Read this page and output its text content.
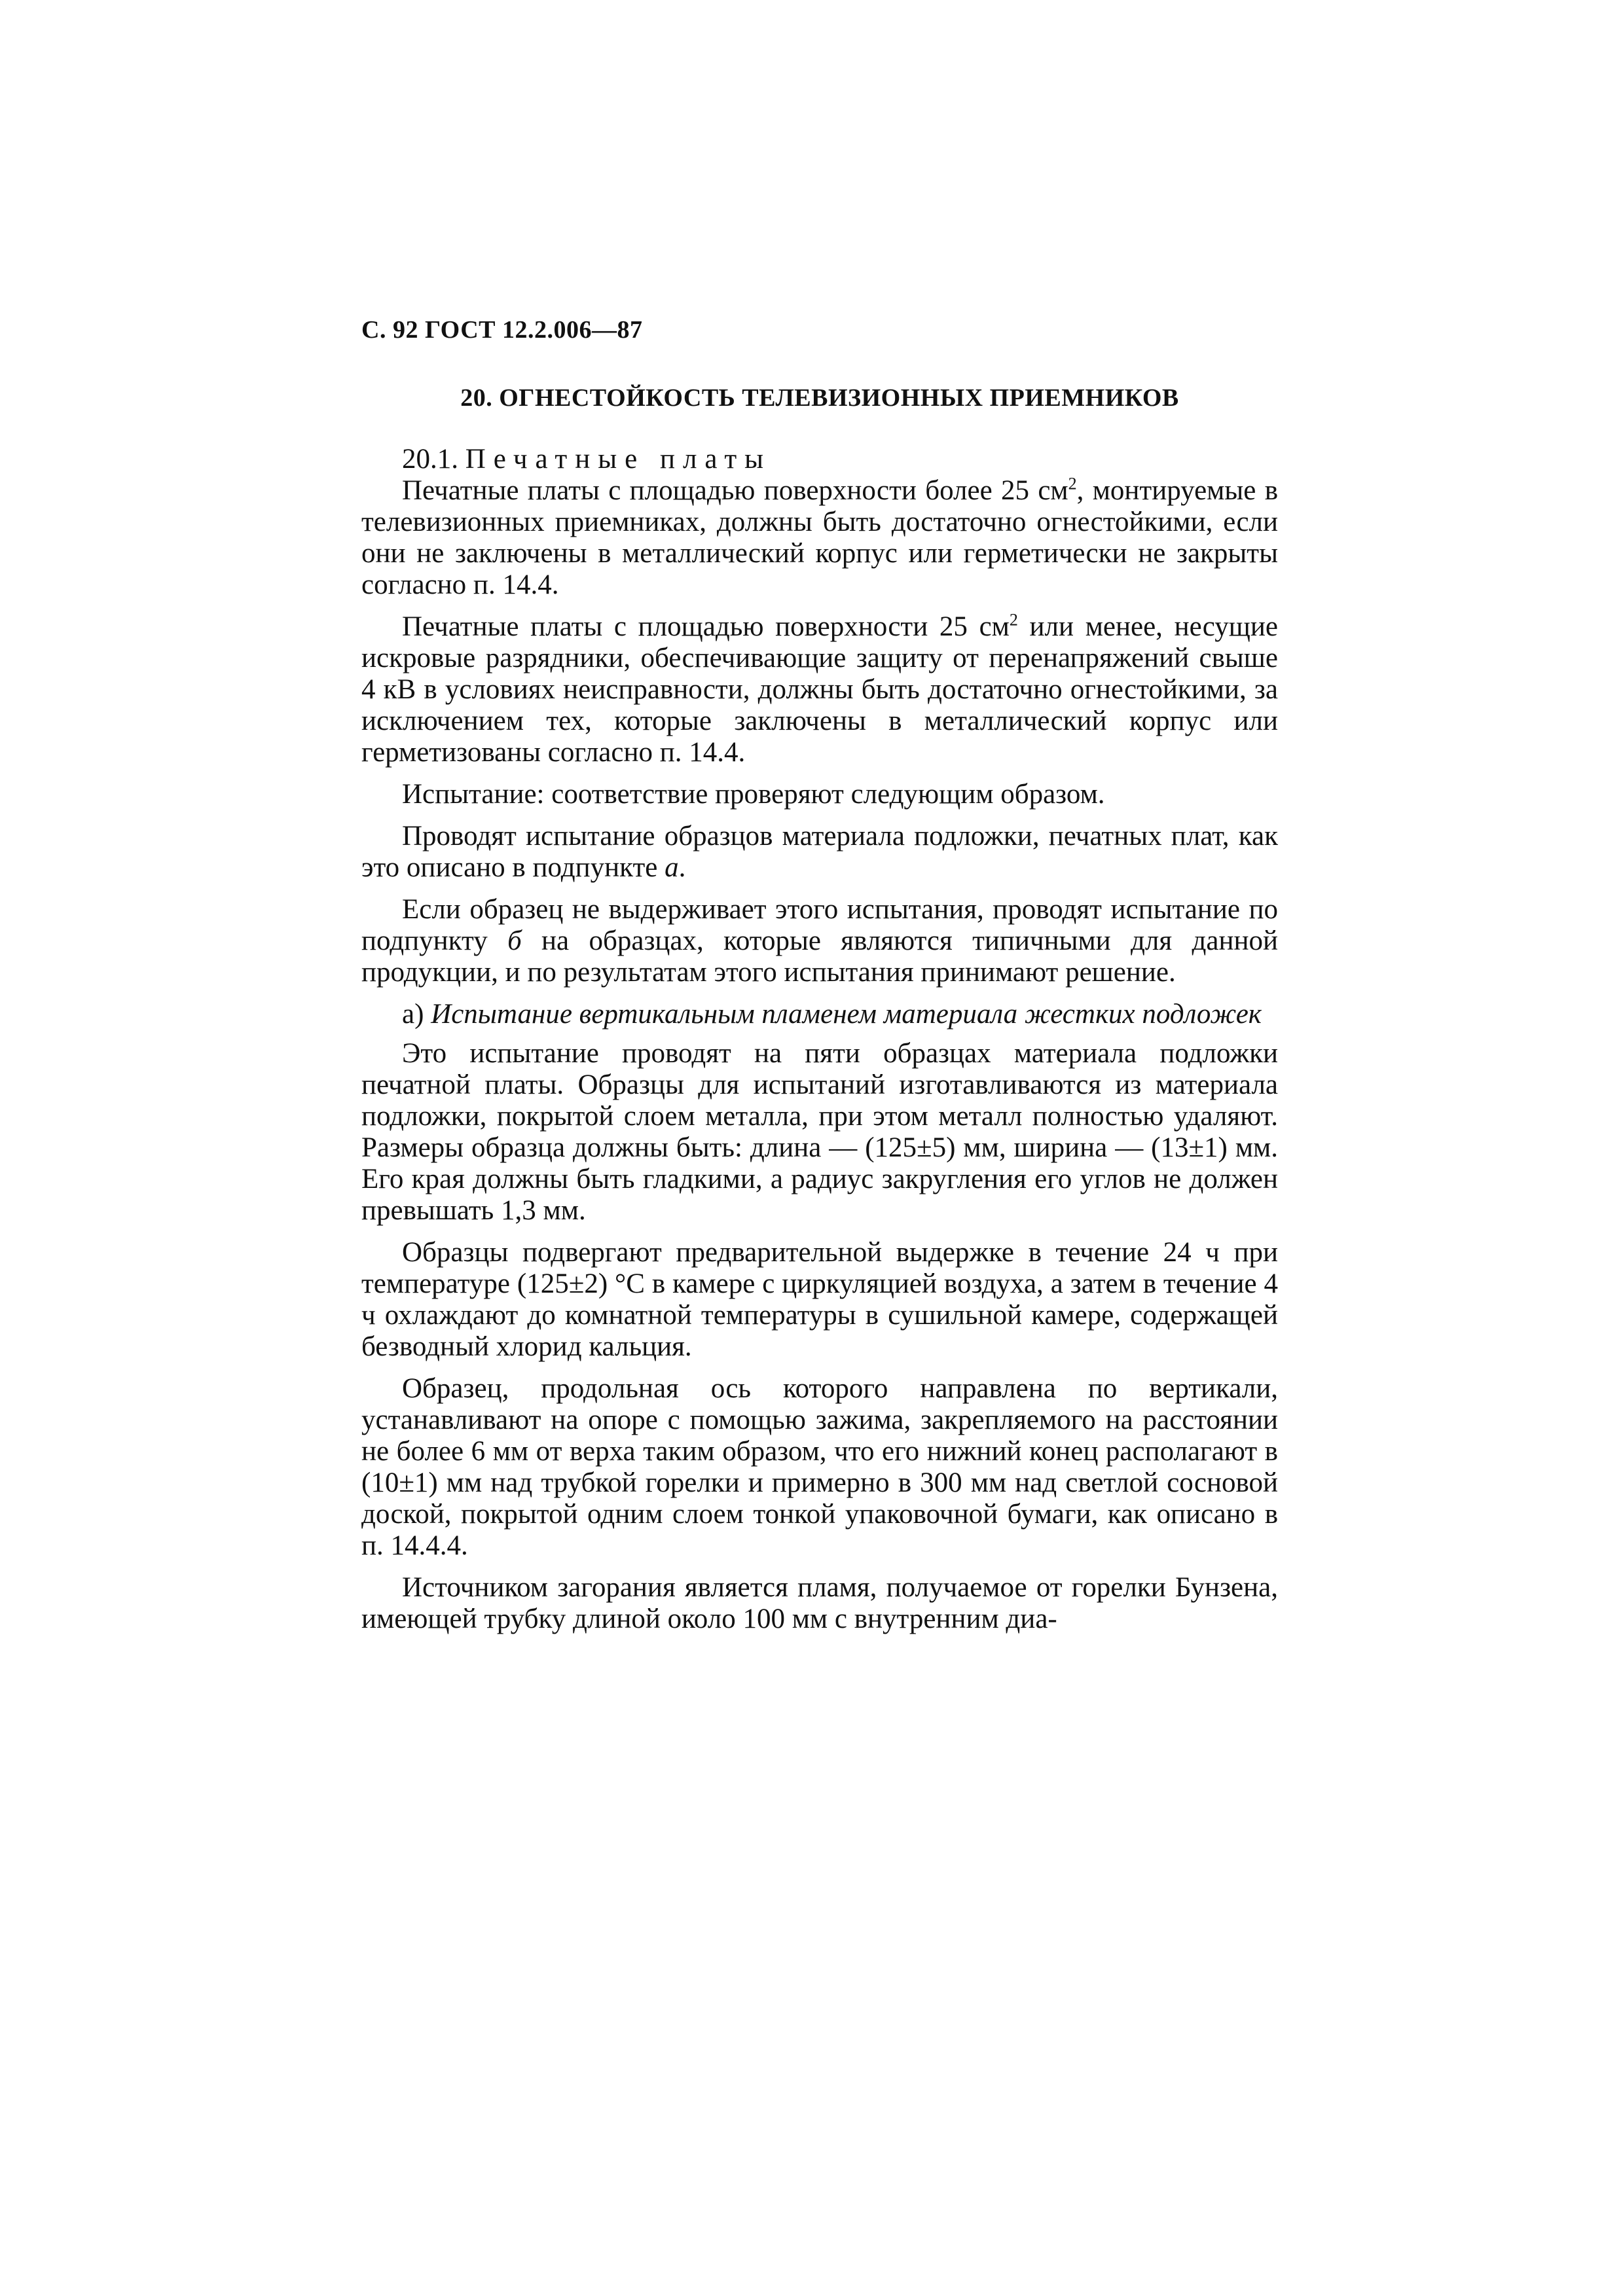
С. 92 ГОСТ 12.2.006—87
20. ОГНЕСТОЙКОСТЬ ТЕЛЕВИЗИОННЫХ ПРИЕМНИКОВ

20.1. Печатные платы

Печатные платы с площадью поверхности более 25 $см^2$, монтируемые в телевизионных приемниках, должны быть достаточно огнестойкими, если они не заключены в металлический корпус или герметически не закрыты согласно п. 14.4.

Печатные платы с площадью поверхности 25 $см^2$ или менее, несущие искровые разрядники, обеспечивающие защиту от перенапряжений свыше 4 кВ в условиях неисправности, должны быть достаточно огнестойкими, за исключением тех, которые заключены в металлический корпус или герметизованы согласно п. 14.4.

Испытание: соответствие проверяют следующим образом.

Проводят испытание образцов материала подложки, печатных плат, как это описано в подпункте а.

Если образец не выдерживает этого испытания, проводят испытание по подпункту б на образцах, которые являются типичными для данной продукции, и по результатам этого испытания принимают решение.

а) Испытание вертикальным пламенем материала жестких подложек

Это испытание проводят на пяти образцах материала подложки печатной платы. Образцы для испытаний изготавливаются из материала подложки, покрытой слоем металла, при этом металл полностью удаляют. Размеры образца должны быть: длина — (125±5) мм, ширина — (13±1) мм. Его края должны быть гладкими, а радиус закругления его углов не должен превышать 1,3 мм.

Образцы подвергают предварительной выдержке в течение 24 ч при температуре (125±2) °С в камере с циркуляцией воздуха, а затем в течение 4 ч охлаждают до комнатной температуры в сушильной камере, содержащей безводный хлорид кальция.

Образец, продольная ось которого направлена по вертикали, устанавливают на опоре с помощью зажима, закрепляемого на расстоянии не более 6 мм от верха таким образом, что его нижний конец располагают в (10±1) мм над трубкой горелки и примерно в 300 мм над светлой сосновой доской, покрытой одним слоем тонкой упаковочной бумаги, как описано в п. 14.4.4.

Источником загорания является пламя, получаемое от горелки Бунзена, имеющей трубку длиной около 100 мм с внутренним диа-
